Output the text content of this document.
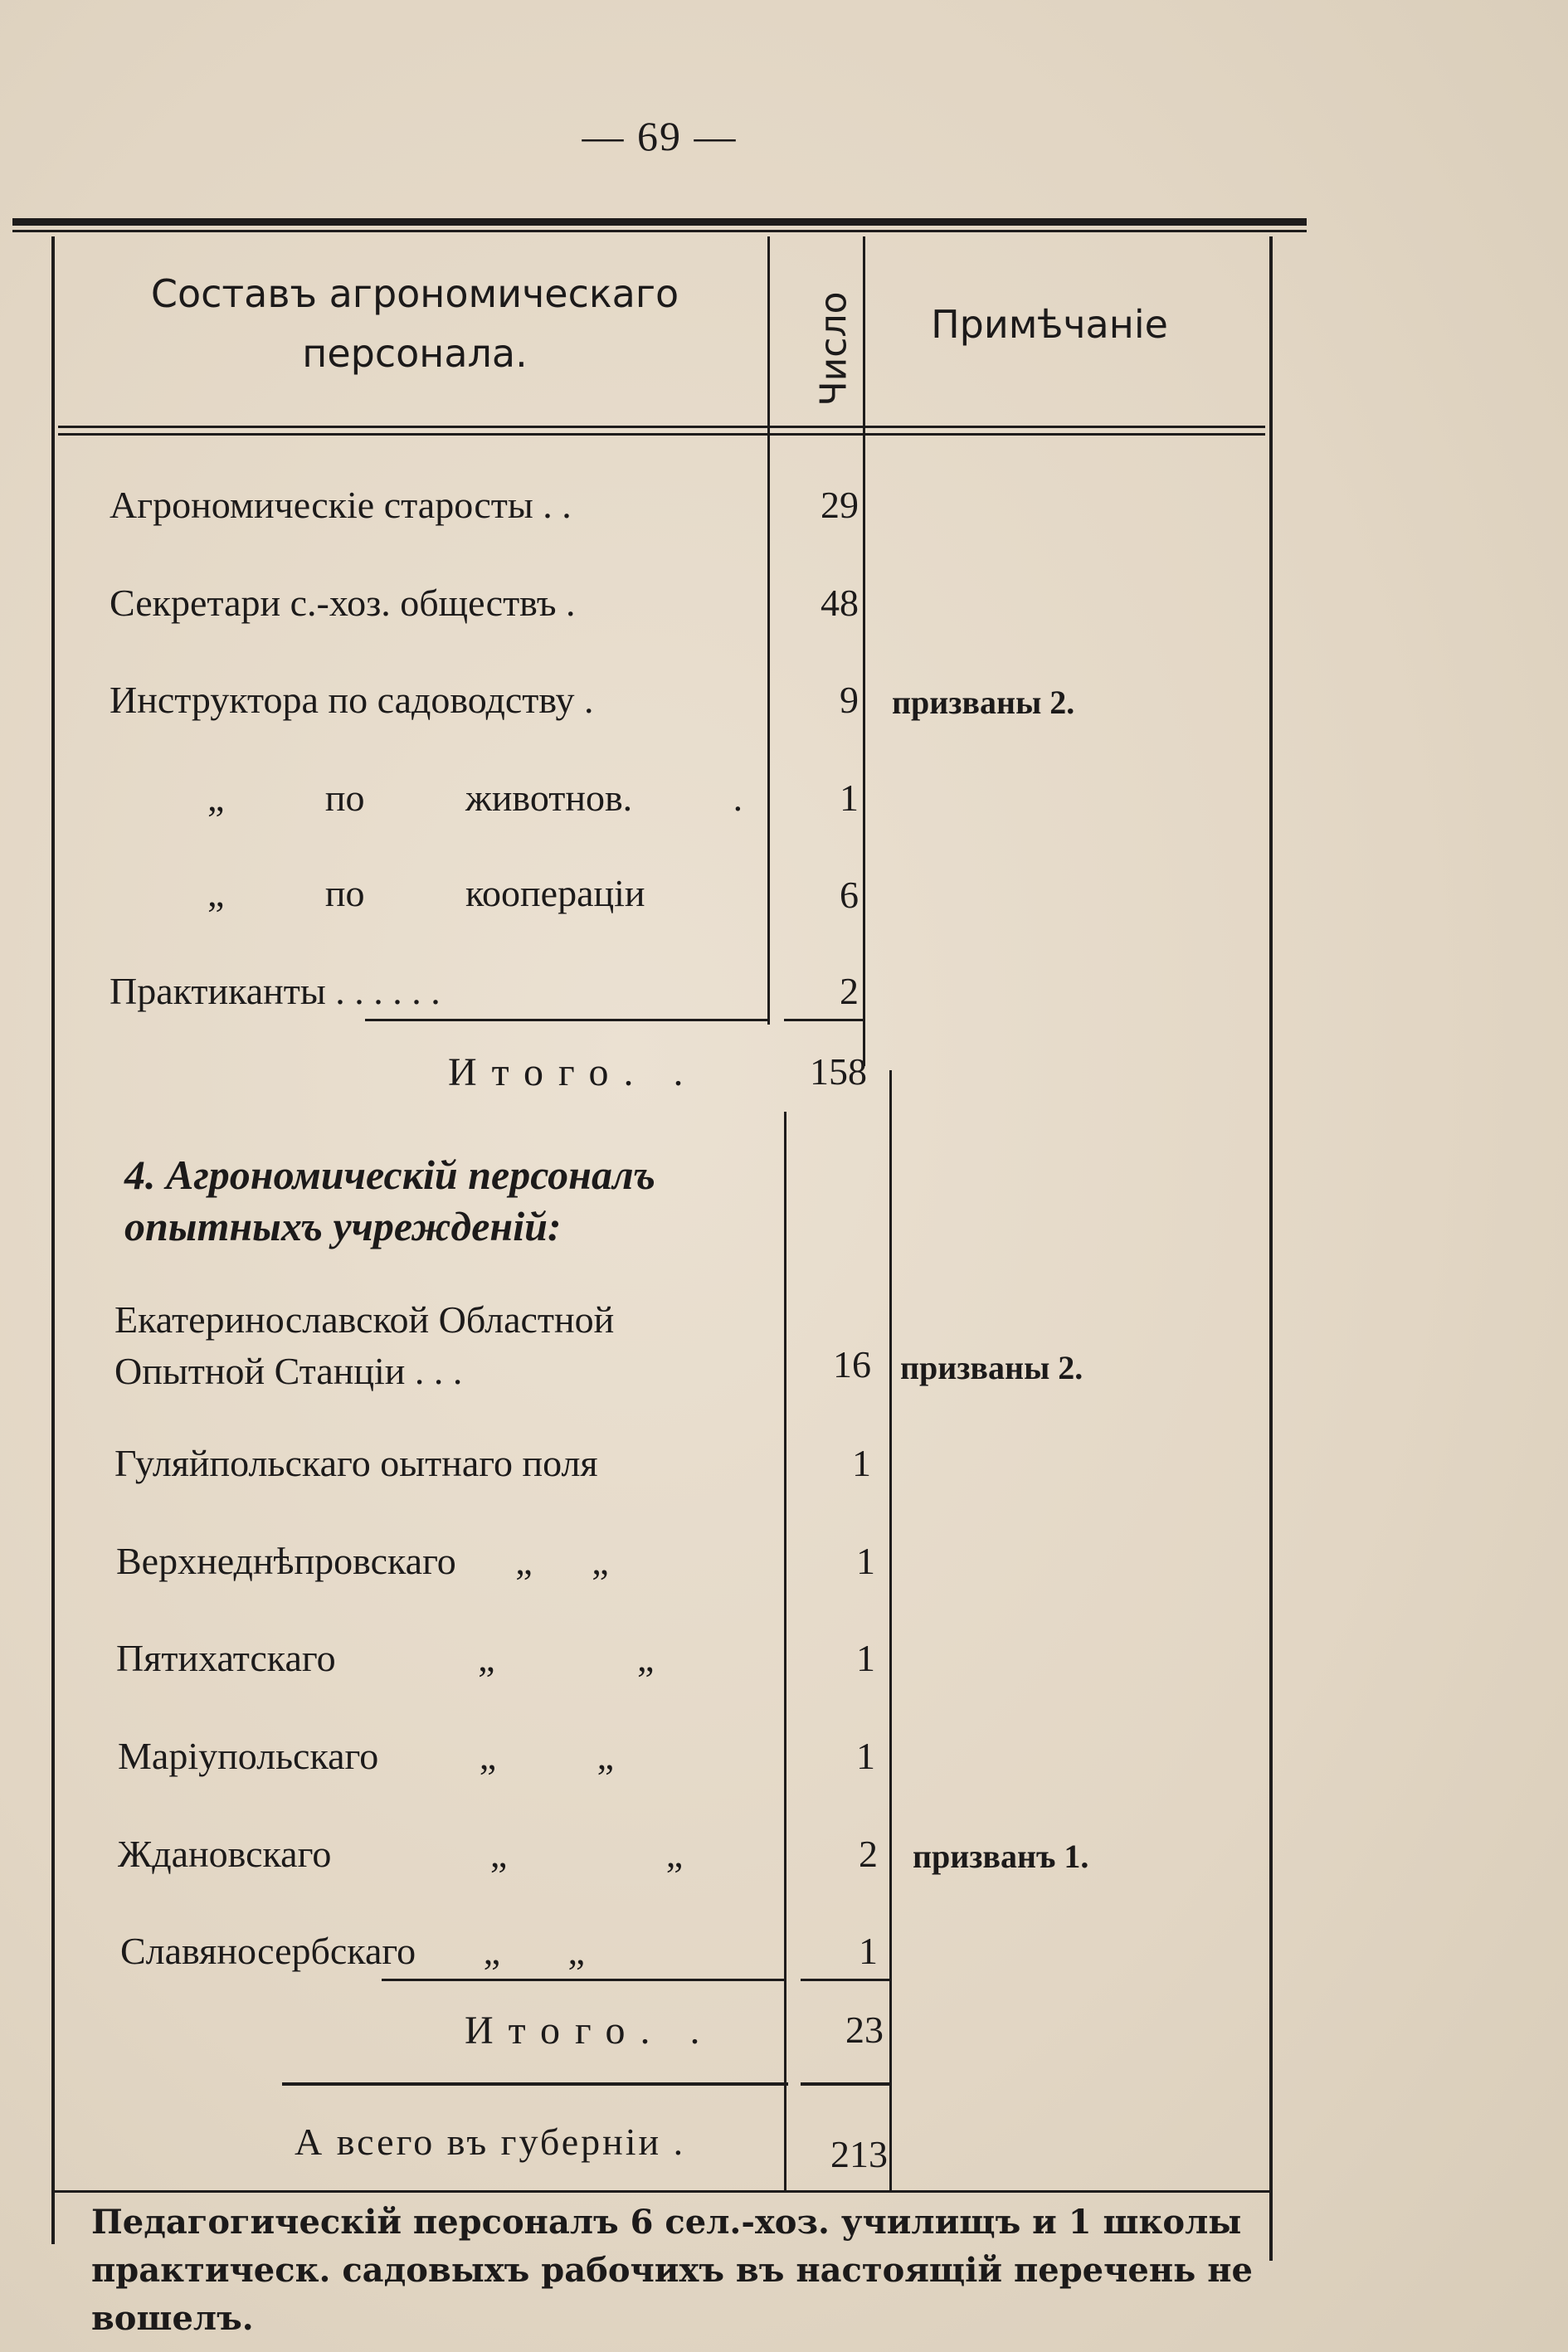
— 69 —
Составъ агрономическаго персонала.	Число	Примѣчаніе
Агрономическіе старосты . .	29
Секретари с.-хоз. обществъ .	48
Инструктора по садоводству .	9 призваны 2.
„ по животнов. .	1
„ по кооперацiи	6
Практиканты . . . . . .	2
Итого. .	158
4. Агрономическій персоналъ опытныхъ учрежденій:
Екатеринославской Областной Опытной Станціи . . .	16 призваны 2.
Гуляйпольскаго оытнаго поля	1
Верхнеднѣпровскаго „ „	1
Пятихатскаго „ „	1
Маріупольскаго „ „	1
Ждановскаго „ „	2 призванъ 1.
Славяносербскаго „ „	1
Итого. .	23
А всего въ губерніи .	213
Педагогическій персоналъ 6 сел.-хоз. училищъ и 1 школы практическ. садовыхъ рабочихъ въ настоящій перечень не вошелъ.
